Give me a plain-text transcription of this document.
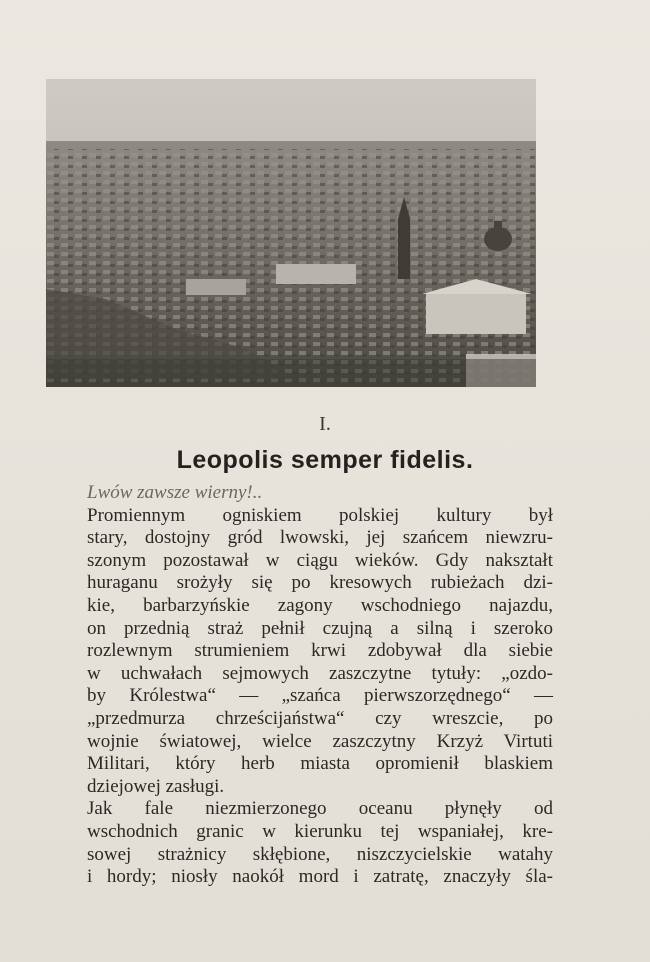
I.
Leopolis semper fidelis.
Lwów zawsze wierny!..
Promiennym ogniskiem polskiej kultury był
stary, dostojny gród lwowski, jej szańcem niewzru-
szonym pozostawał w ciągu wieków. Gdy nakształt
huraganu srożyły się po kresowych rubieżach dzi-
kie, barbarzyńskie zagony wschodniego najazdu,
on przednią straż pełnił czujną a silną i szeroko
rozlewnym strumieniem krwi zdobywał dla siebie
w uchwałach sejmowych zaszczytne tytuły: „ozdo-
by Królestwa“ — „szańca pierwszorzędnego“ —
„przedmurza chrześcijaństwa“ czy wreszcie, po
wojnie światowej, wielce zaszczytny Krzyż Virtuti
Militari, który herb miasta opromienił blaskiem
dziejowej zasługi.
Jak fale niezmierzonego oceanu płynęły od
wschodnich granic w kierunku tej wspaniałej, kre-
sowej strażnicy skłębione, niszczycielskie watahy
i hordy; niosły naokół mord i zatratę, znaczyły śla-
